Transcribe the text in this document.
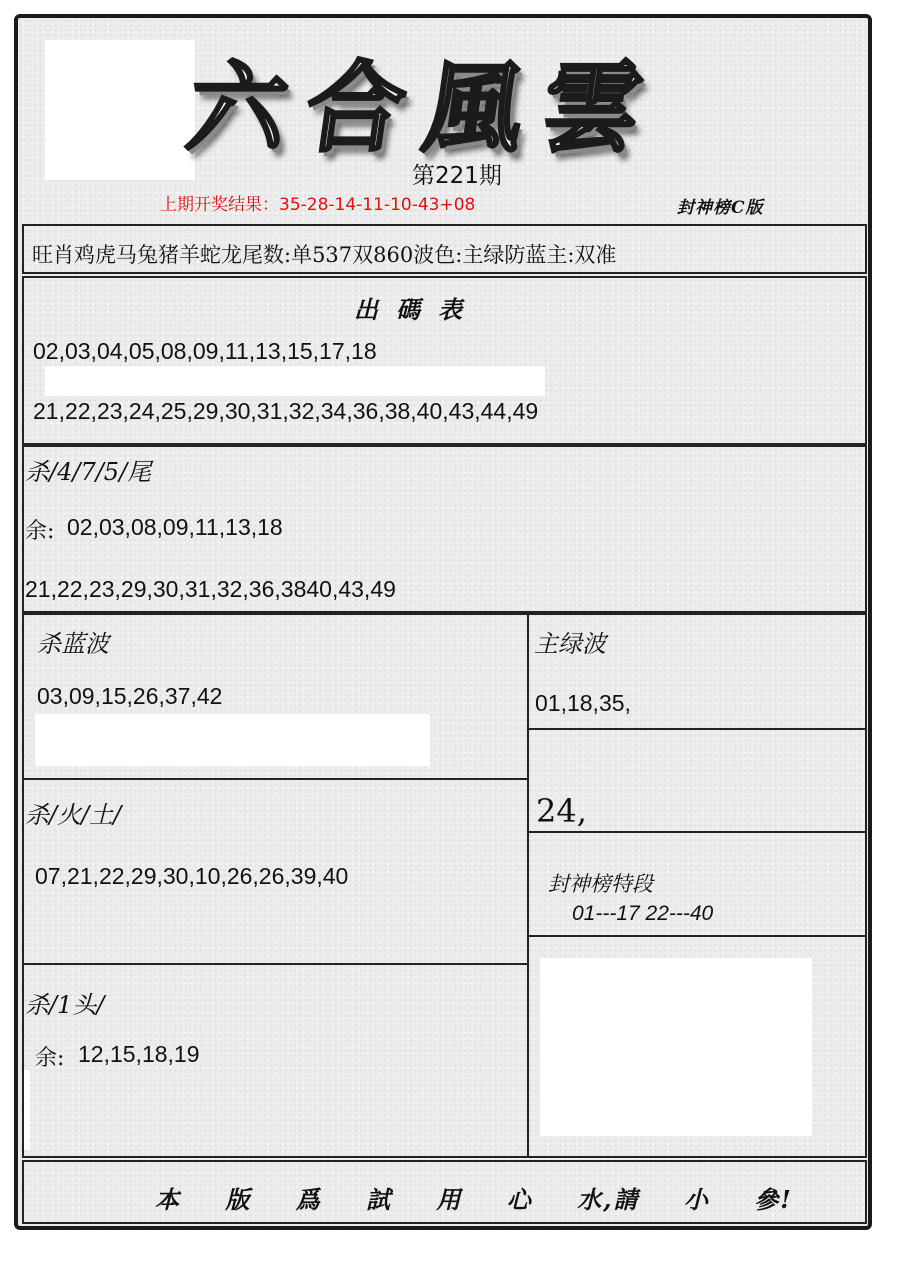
六合風雲
第221期
上期开奖结果：35-28-14-11-10-43+08	封神榜C版
旺肖鸡虎马兔猪羊蛇龙尾数:单537双860波色:主绿防蓝主:双准
出碼表
02,03,04,05,08,09,11,13,15,17,18
21,22,23,24,25,29,30,31,32,34,36,38,40,43,44,49
杀/4/7/5/尾
余: 02,03,08,09,11,13,18
21,22,23,29,30,31,32,36,3840,43,49
杀蓝波
03,09,15,26,37,42
主绿波
01,18,35,
24,
杀/火/土/
07,21,22,29,30,10,26,26,39,40	封神榜特段
01---17 22---40
杀/1头/
余: 12,15,18,19
本 版 爲 試 用 心 水,請 小 參!
